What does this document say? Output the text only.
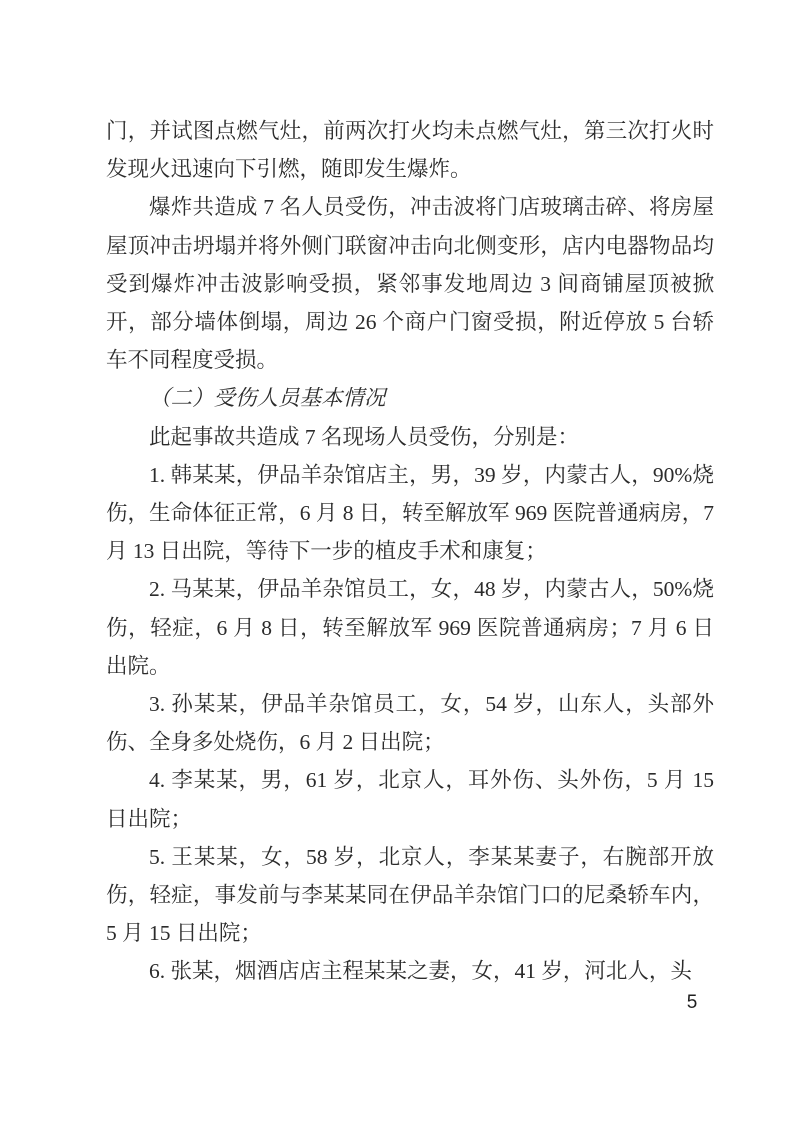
门，并试图点燃气灶，前两次打火均未点燃气灶，第三次打火时发现火迅速向下引燃，随即发生爆炸。

爆炸共造成 7 名人员受伤，冲击波将门店玻璃击碎、将房屋屋顶冲击坍塌并将外侧门联窗冲击向北侧变形，店内电器物品均受到爆炸冲击波影响受损，紧邻事发地周边 3 间商铺屋顶被掀开，部分墙体倒塌，周边 26 个商户门窗受损，附近停放 5 台轿车不同程度受损。

（二）受伤人员基本情况

此起事故共造成 7 名现场人员受伤，分别是：

1. 韩某某，伊品羊杂馆店主，男，39 岁，内蒙古人，90%烧伤，生命体征正常，6 月 8 日，转至解放军 969 医院普通病房，7 月 13 日出院，等待下一步的植皮手术和康复；

2. 马某某，伊品羊杂馆员工，女，48 岁，内蒙古人，50%烧伤，轻症，6 月 8 日，转至解放军 969 医院普通病房；7 月 6 日出院。

3. 孙某某，伊品羊杂馆员工，女，54 岁，山东人，头部外伤、全身多处烧伤，6 月 2 日出院；

4. 李某某，男，61 岁，北京人，耳外伤、头外伤，5 月 15 日出院；

5. 王某某，女，58 岁，北京人，李某某妻子，右腕部开放伤，轻症，事发前与李某某同在伊品羊杂馆门口的尼桑轿车内，5 月 15 日出院；

6. 张某，烟酒店店主程某某之妻，女，41 岁，河北人，头

5
